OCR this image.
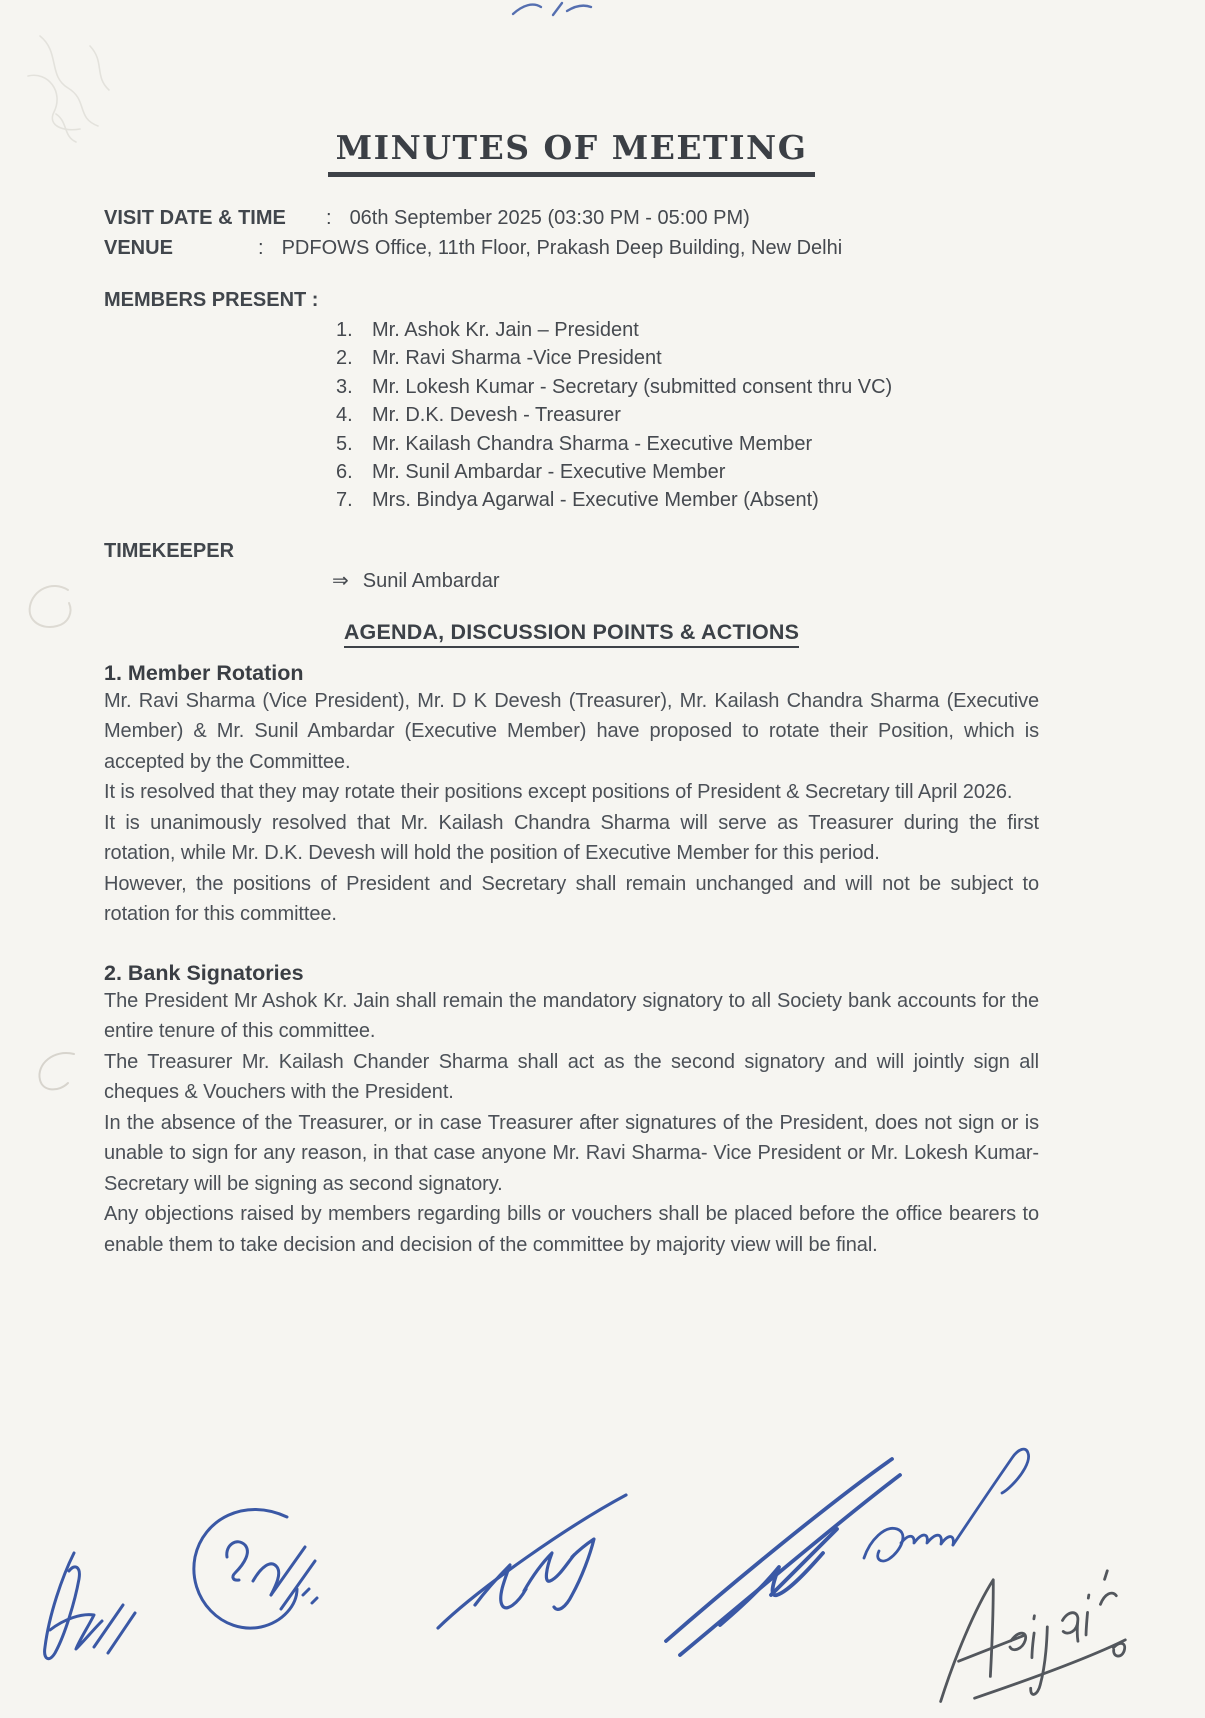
MINUTES OF MEETING
VISIT DATE & TIME	: 06th September 2025 (03:30 PM - 05:00 PM)
VENUE	: PDFOWS Office, 11th Floor, Prakash Deep Building, New Delhi
MEMBERS PRESENT :
1. Mr. Ashok Kr. Jain – President
2. Mr. Ravi Sharma -Vice President
3. Mr. Lokesh Kumar - Secretary (submitted consent thru VC)
4. Mr. D.K. Devesh - Treasurer
5. Mr. Kailash Chandra Sharma - Executive Member
6. Mr. Sunil Ambardar - Executive Member
7. Mrs. Bindya Agarwal - Executive Member (Absent)
TIMEKEEPER
⇒ Sunil Ambardar
AGENDA, DISCUSSION POINTS & ACTIONS
1. Member Rotation

Mr. Ravi Sharma (Vice President), Mr. D K Devesh (Treasurer), Mr. Kailash Chandra Sharma (Executive Member) & Mr. Sunil Ambardar (Executive Member) have proposed to rotate their Position, which is accepted by the Committee.

It is resolved that they may rotate their positions except positions of President & Secretary till April 2026.

It is unanimously resolved that Mr. Kailash Chandra Sharma will serve as Treasurer during the first rotation, while Mr. D.K. Devesh will hold the position of Executive Member for this period.

However, the positions of President and Secretary shall remain unchanged and will not be subject to rotation for this committee.

2. Bank Signatories

The President Mr Ashok Kr. Jain shall remain the mandatory signatory to all Society bank accounts for the entire tenure of this committee.

The Treasurer Mr. Kailash Chander Sharma shall act as the second signatory and will jointly sign all cheques & Vouchers with the President.

In the absence of the Treasurer, or in case Treasurer after signatures of the President, does not sign or is unable to sign for any reason, in that case anyone Mr. Ravi Sharma- Vice President or Mr. Lokesh Kumar- Secretary will be signing as second signatory.

Any objections raised by members regarding bills or vouchers shall be placed before the office bearers to enable them to take decision and decision of the committee by majority view will be final.
